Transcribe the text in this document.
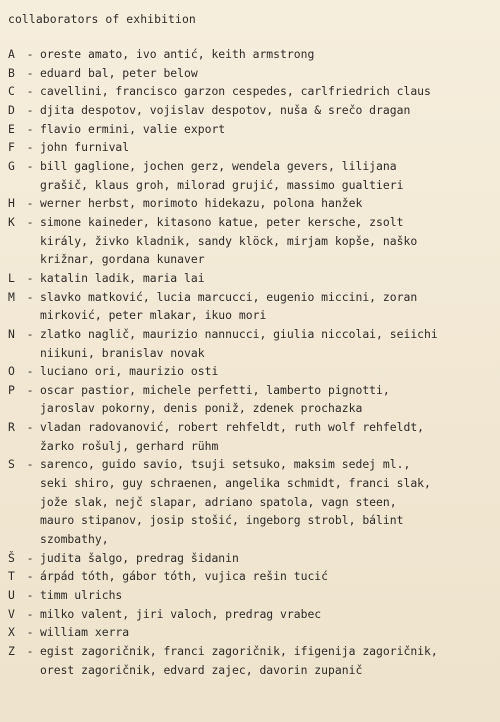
collaborators of exhibition
A	- oreste amato, ivo antić, keith armstrong
B	- eduard bal, peter below
C	- cavellini, francisco garzon cespedes, carlfriedrich claus
D	- djita despotov, vojislav despotov, nuša & srečo dragan
E	- flavio ermini, valie export
F	- john furnival
G	- bill gaglione, jochen gerz, wendela gevers, lilijana
grašič, klaus groh, milorad grujić, massimo gualtieri
H	- werner herbst, morimoto hidekazu, polona hanžek
K	- simone kaineder, kitasono katue, peter kersche, zsolt
király, živko kladnik, sandy klöck, mirjam kopše, naško
križnar, gordana kunaver
L	- katalin ladik, maria lai
M	- slavko matković, lucia marcucci, eugenio miccini, zoran
mirković, peter mlakar, ikuo mori
N	- zlatko naglič, maurizio nannucci, giulia niccolai, seiichi
niikuni, branislav novak
O	- luciano ori, maurizio osti
P	- oscar pastior, michele perfetti, lamberto pignotti,
jaroslav pokorny, denis poniž, zdenek prochazka
R	- vladan radovanović, robert rehfeldt, ruth wolf rehfeldt,
žarko rošulj, gerhard rühm
S	- sarenco, guido savio, tsuji setsuko, maksim sedej ml.,
seki shiro, guy schraenen, angelika schmidt, franci slak,
jože slak, nejč slapar, adriano spatola, vagn steen,
mauro stipanov, josip stošić, ingeborg strobl, bálint
szombathy,
Š	- judita šalgo, predrag šidanin
T	- árpád tóth, gábor tóth, vujica rešin tucić
U	- timm ulrichs
V	- milko valent, jiri valoch, predrag vrabec
X	- william xerra
Z	- egist zagoričnik, franci zagoričnik, ifigenija zagoričnik,
orest zagoričnik, edvard zajec, davorin zupanič
